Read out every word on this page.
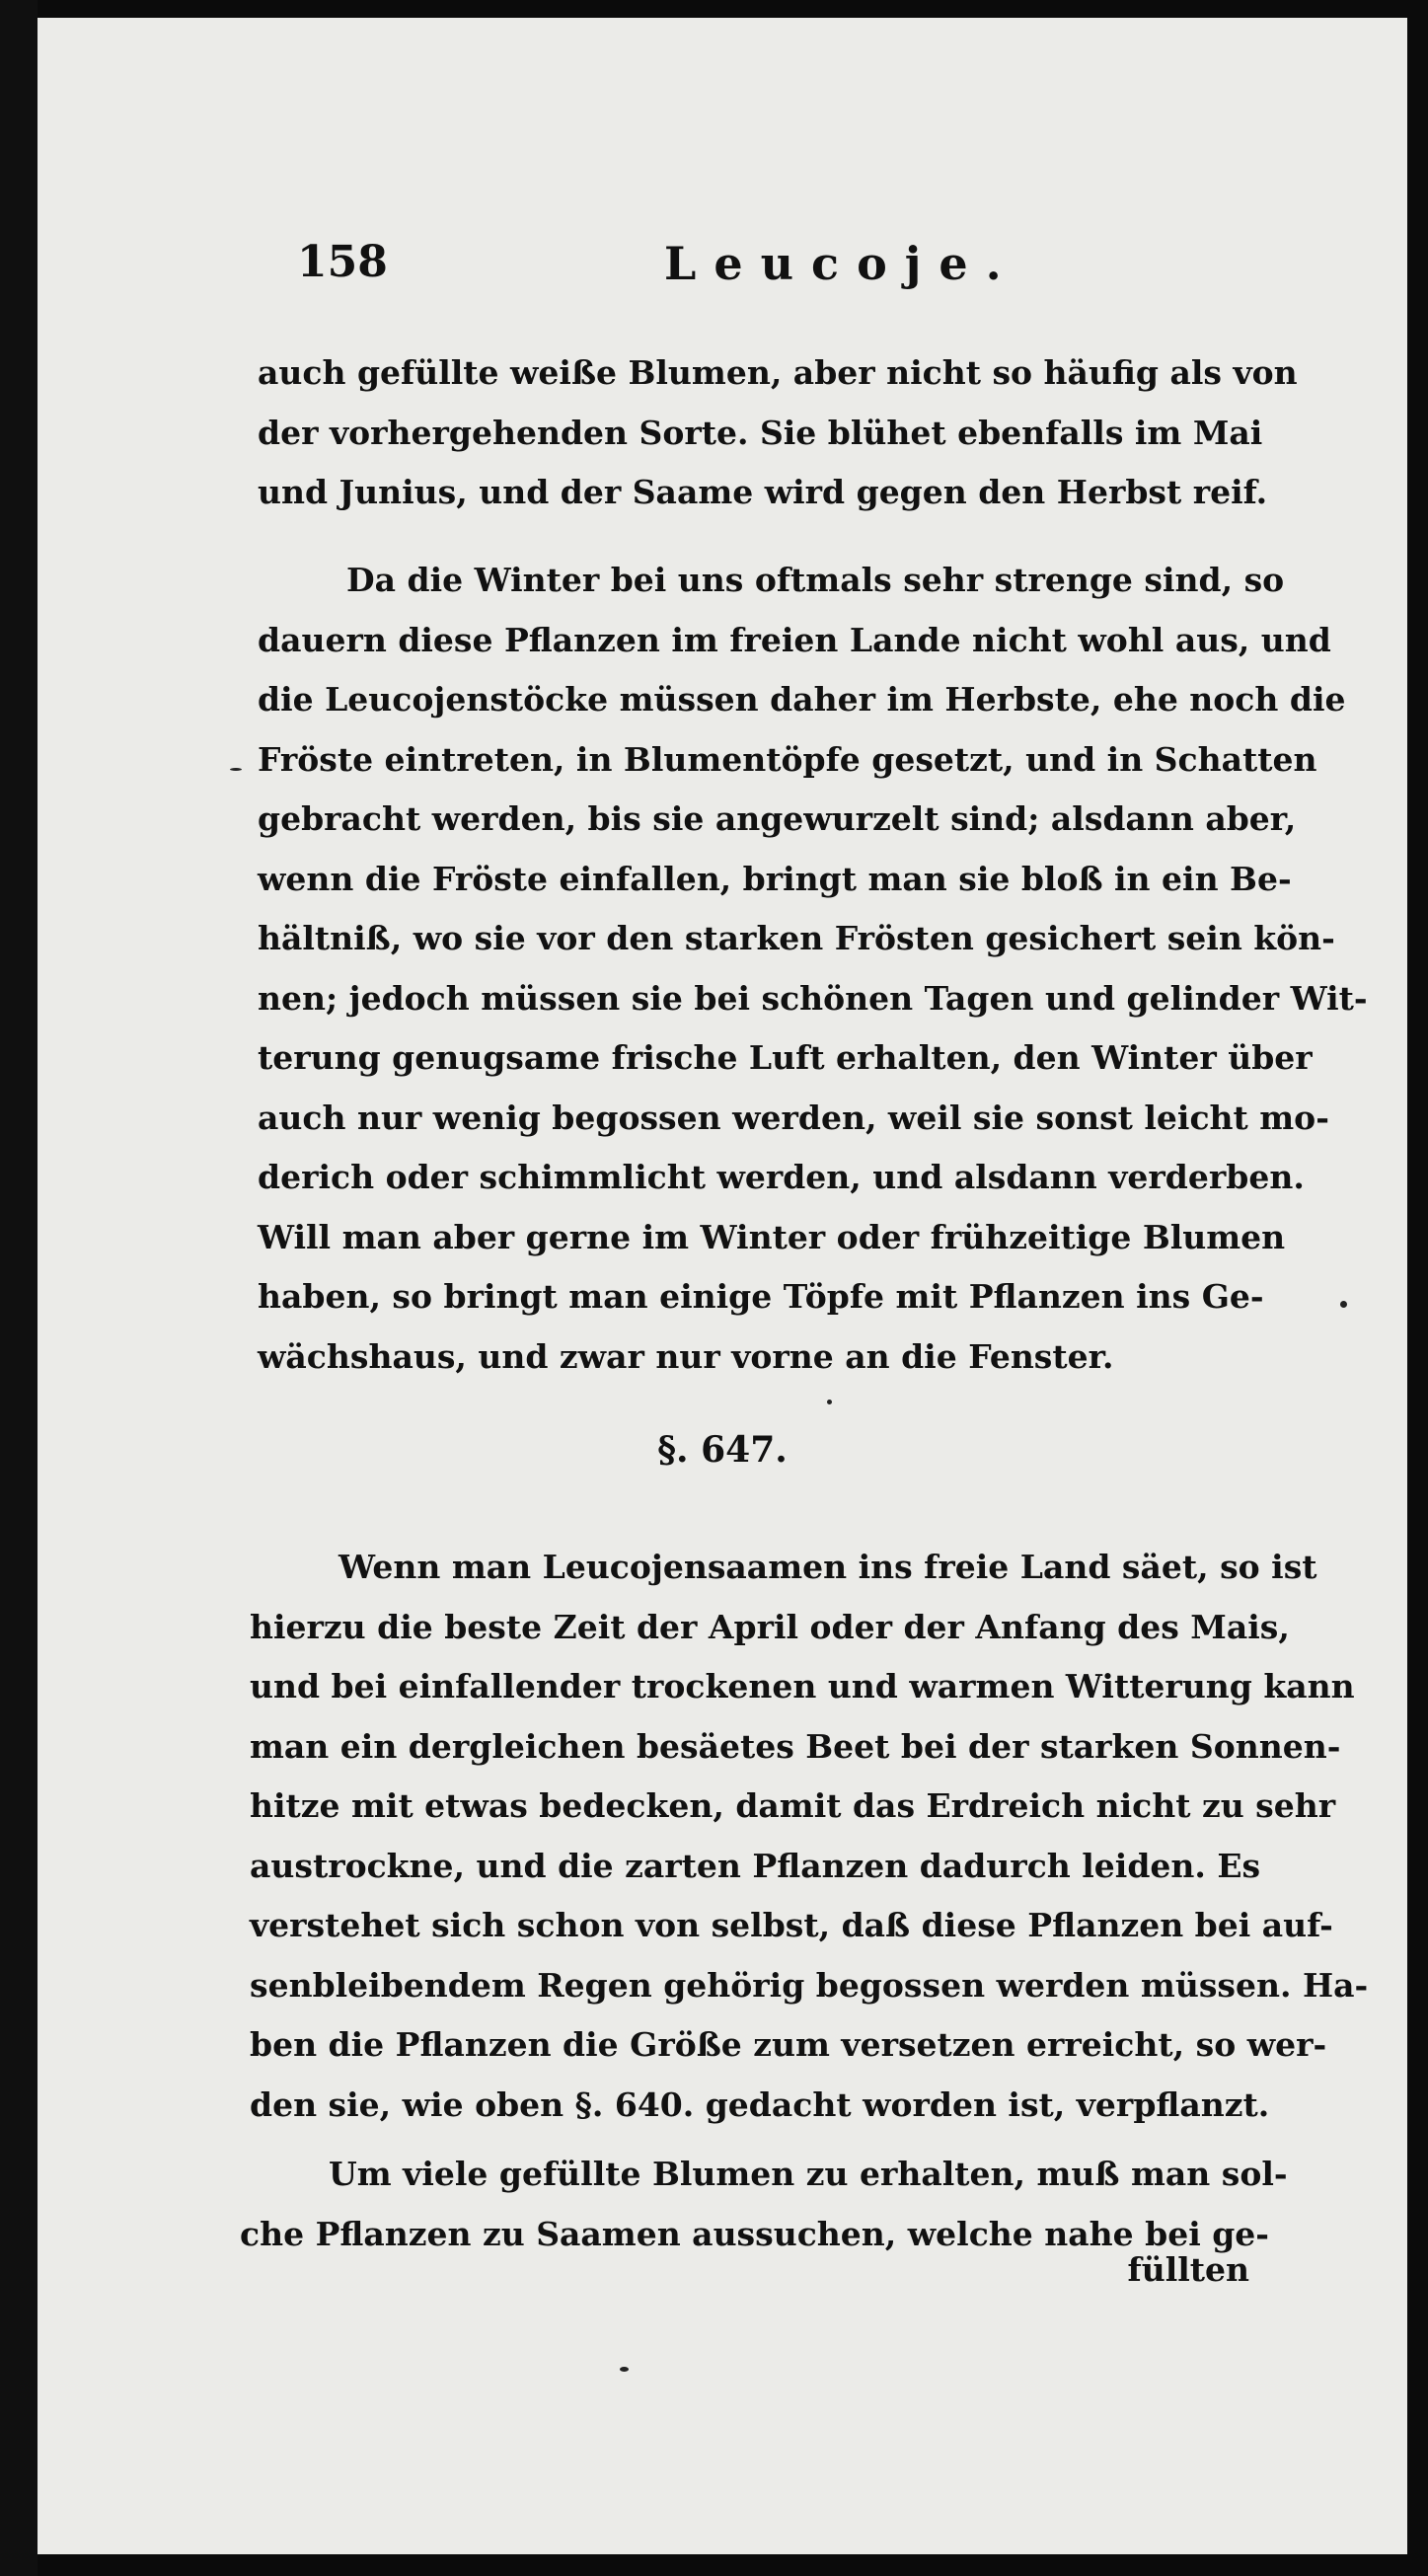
158	Leucoje.
auch gefüllte weiße Blumen, aber nicht so häufig als von
der vorhergehenden Sorte. Sie blühet ebenfalls im Mai
und Junius, und der Saame wird gegen den Herbst reif.
Da die Winter bei uns oftmals sehr strenge sind, so
dauern diese Pflanzen im freien Lande nicht wohl aus, und
die Leucojenstöcke müssen daher im Herbste, ehe noch die
Fröste eintreten, in Blumentöpfe gesetzt, und in Schatten
gebracht werden, bis sie angewurzelt sind; alsdann aber,
wenn die Fröste einfallen, bringt man sie bloß in ein Be-
hältniß, wo sie vor den starken Frösten gesichert sein kön-
nen; jedoch müssen sie bei schönen Tagen und gelinder Wit-
terung genugsame frische Luft erhalten, den Winter über
auch nur wenig begossen werden, weil sie sonst leicht mo-
derich oder schimmlicht werden, und alsdann verderben.
Will man aber gerne im Winter oder frühzeitige Blumen
haben, so bringt man einige Töpfe mit Pflanzen ins Ge-
wächshaus, und zwar nur vorne an die Fenster.
§. 647.
Wenn man Leucojensaamen ins freie Land säet, so ist
hierzu die beste Zeit der April oder der Anfang des Mais,
und bei einfallender trockenen und warmen Witterung kann
man ein dergleichen besäetes Beet bei der starken Sonnen-
hitze mit etwas bedecken, damit das Erdreich nicht zu sehr
austrockne, und die zarten Pflanzen dadurch leiden. Es
verstehet sich schon von selbst, daß diese Pflanzen bei auf-
senbleibendem Regen gehörig begossen werden müssen. Ha-
ben die Pflanzen die Größe zum versetzen erreicht, so wer-
den sie, wie oben §. 640. gedacht worden ist, verpflanzt.
Um viele gefüllte Blumen zu erhalten, muß man sol-
che Pflanzen zu Saamen aussuchen, welche nahe bei ge-
füllten
